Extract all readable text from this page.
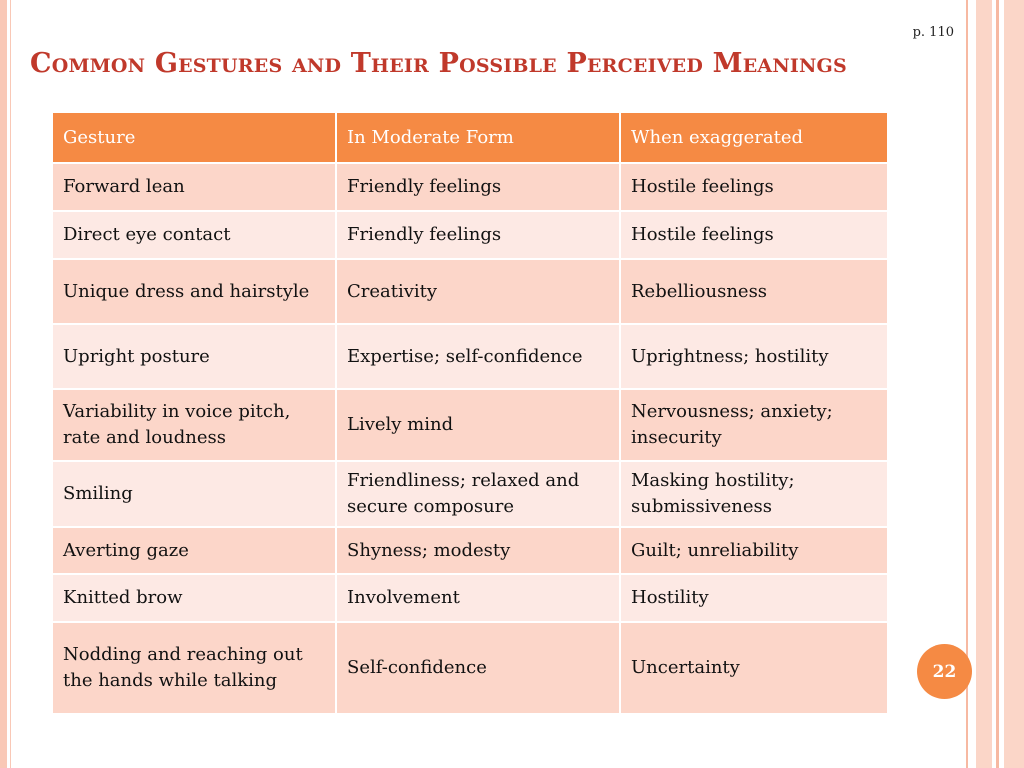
p. 110
Common Gestures and Their Possible Perceived Meanings
Gesture	In Moderate Form	When exaggerated
Forward lean	Friendly feelings	Hostile feelings
Direct eye contact	Friendly feelings	Hostile feelings
Unique dress and hairstyle	Creativity	Rebelliousness
Upright posture	Expertise; self-confidence	Uprightness; hostility
Variability in voice pitch, rate and loudness	Lively mind	Nervousness; anxiety; insecurity
Smiling	Friendliness; relaxed and secure composure	Masking hostility; submissiveness
Averting gaze	Shyness; modesty	Guilt; unreliability
Knitted brow	Involvement	Hostility
Nodding and reaching out the hands while talking	Self-confidence	Uncertainty	22
